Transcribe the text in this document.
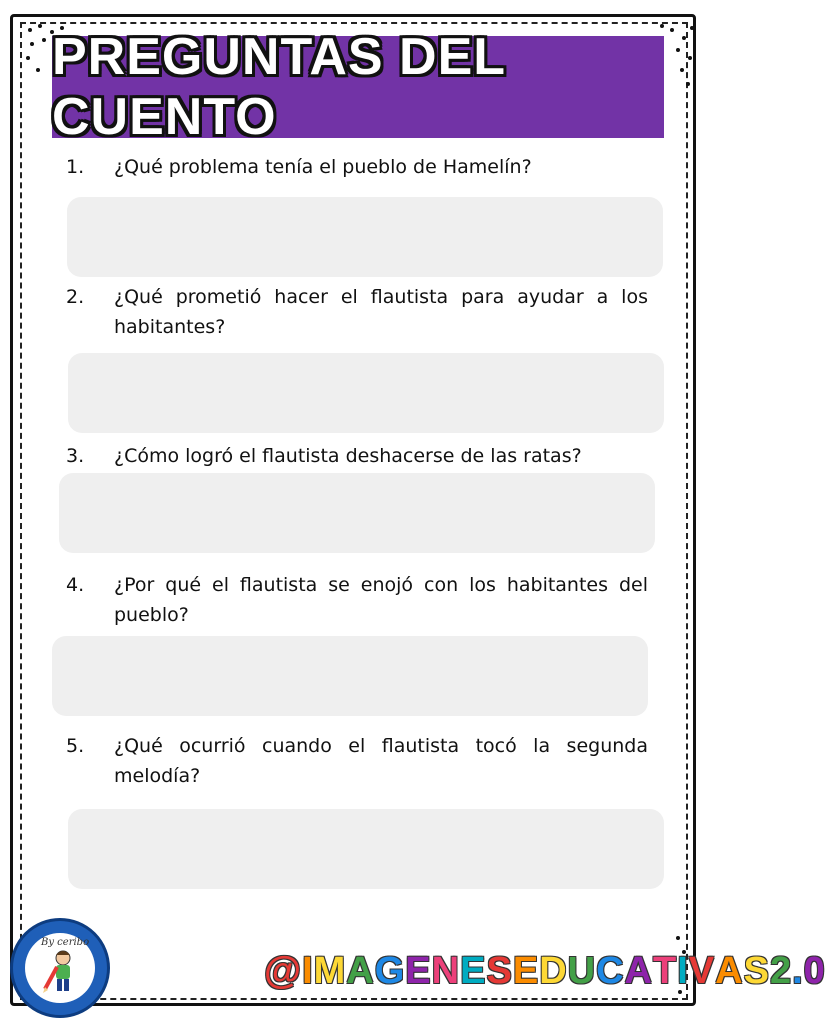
PREGUNTAS DEL CUENTO
1.	¿Qué problema tenía el pueblo de Hamelín?
2.	¿Qué prometió hacer el flautista para ayudar a los habitantes?
3.	¿Cómo logró el flautista deshacerse de las ratas?
4.	¿Por qué el flautista se enojó con los habitantes del pueblo?
5.	¿Qué ocurrió cuando el flautista tocó la segunda melodía?
By ceribo
@IMAGENESEDUCATIVAS2.0
